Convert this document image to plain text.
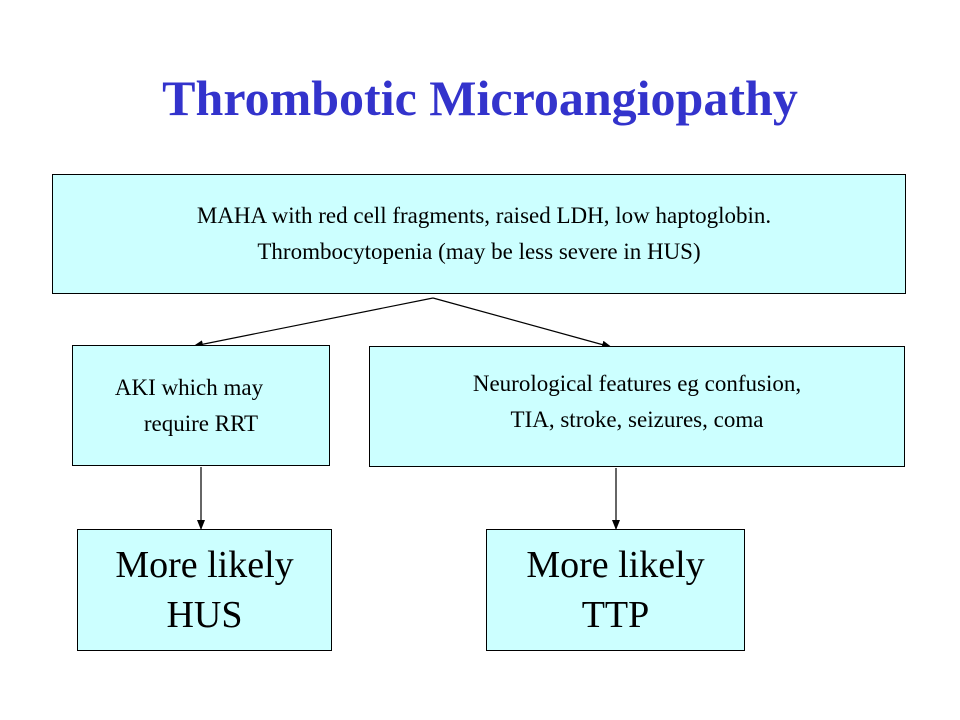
Thrombotic Microangiopathy
MAHA with red cell fragments, raised LDH, low haptoglobin.
Thrombocytopenia (may be less severe in HUS)
AKI which may
require RRT
Neurological features eg confusion,
TIA, stroke, seizures, coma
More likely
HUS
More likely
TTP
